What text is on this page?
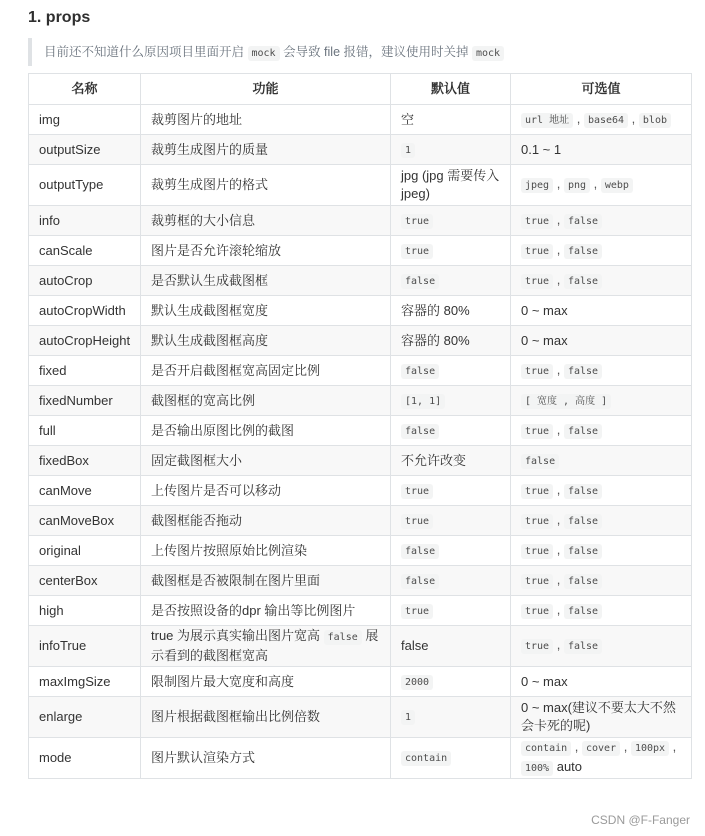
1. props
目前还不知道什么原因项目里面开启 mock 会导致 file 报错，建议使用时关掉 mock
名称	功能	默认值	可选值
img	裁剪图片的地址	空	url 地址 , base64 , blob
outputSize	裁剪生成图片的质量	1	0.1 ~ 1
outputType	裁剪生成图片的格式	jpg (jpg 需要传入jpeg)	jpeg , png , webp
info	裁剪框的大小信息	true	true , false
canScale	图片是否允许滚轮缩放	true	true , false
autoCrop	是否默认生成截图框	false	true , false
autoCropWidth	默认生成截图框宽度	容器的 80%	0 ~ max
autoCropHeight	默认生成截图框高度	容器的 80%	0 ~ max
fixed	是否开启截图框宽高固定比例	false	true , false
fixedNumber	截图框的宽高比例	[1, 1]	[ 宽度 , 高度 ]
full	是否输出原图比例的截图	false	true , false
fixedBox	固定截图框大小	不允许改变	false
canMove	上传图片是否可以移动	true	true , false
canMoveBox	截图框能否拖动	true	true , false
original	上传图片按照原始比例渲染	false	true , false
centerBox	截图框是否被限制在图片里面	false	true , false
high	是否按照设备的dpr 输出等比例图片	true	true , false
infoTrue	true 为展示真实输出图片宽高 false 展示看到的截图框宽高	false	true , false
maxImgSize	限制图片最大宽度和高度	2000	0 ~ max
enlarge	图片根据截图框输出比例倍数	1	0 ~ max(建议不要太大不然会卡死的呢)
mode	图片默认渲染方式	contain	contain , cover , 100px , 100% auto
CSDN @F-Fanger
